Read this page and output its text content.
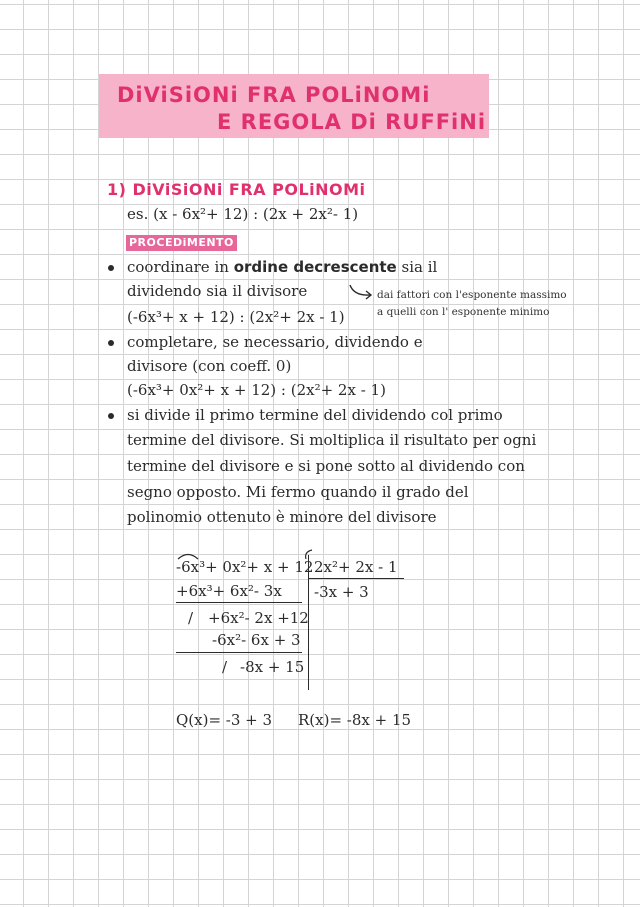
DiViSiONi FRA POLiNOMi
E REGOLA Di RUFFiNi
1) DiViSiONi FRA POLiNOMi
es. (x - 6x²+ 12) : (2x + 2x²- 1)
PROCEDiMENTO
coordinare in ordine decrescente sia il
dividendo sia il divisore
(-6x³+ x + 12) : (2x²+ 2x - 1)
dai fattori con l'esponente massimo
a quelli con l' esponente minimo
completare, se necessario, dividendo e
divisore (con coeff. 0)
(-6x³+ 0x²+ x + 12) : (2x²+ 2x - 1)
si divide il primo termine del dividendo col primo
termine del divisore. Si moltiplica il risultato per ogni
termine del divisore e si pone sotto al dividendo con
segno opposto. Mi fermo quando il grado del
polinomio ottenuto è minore del divisore
-6x³+ 0x²+ x + 12 2x²+ 2x - 1
+6x³+ 6x²- 3x -3x + 3
/ +6x²- 2x +12
-6x²- 6x + 3
/ -8x + 15
Q(x)= -3 + 3 R(x)= -8x + 15
